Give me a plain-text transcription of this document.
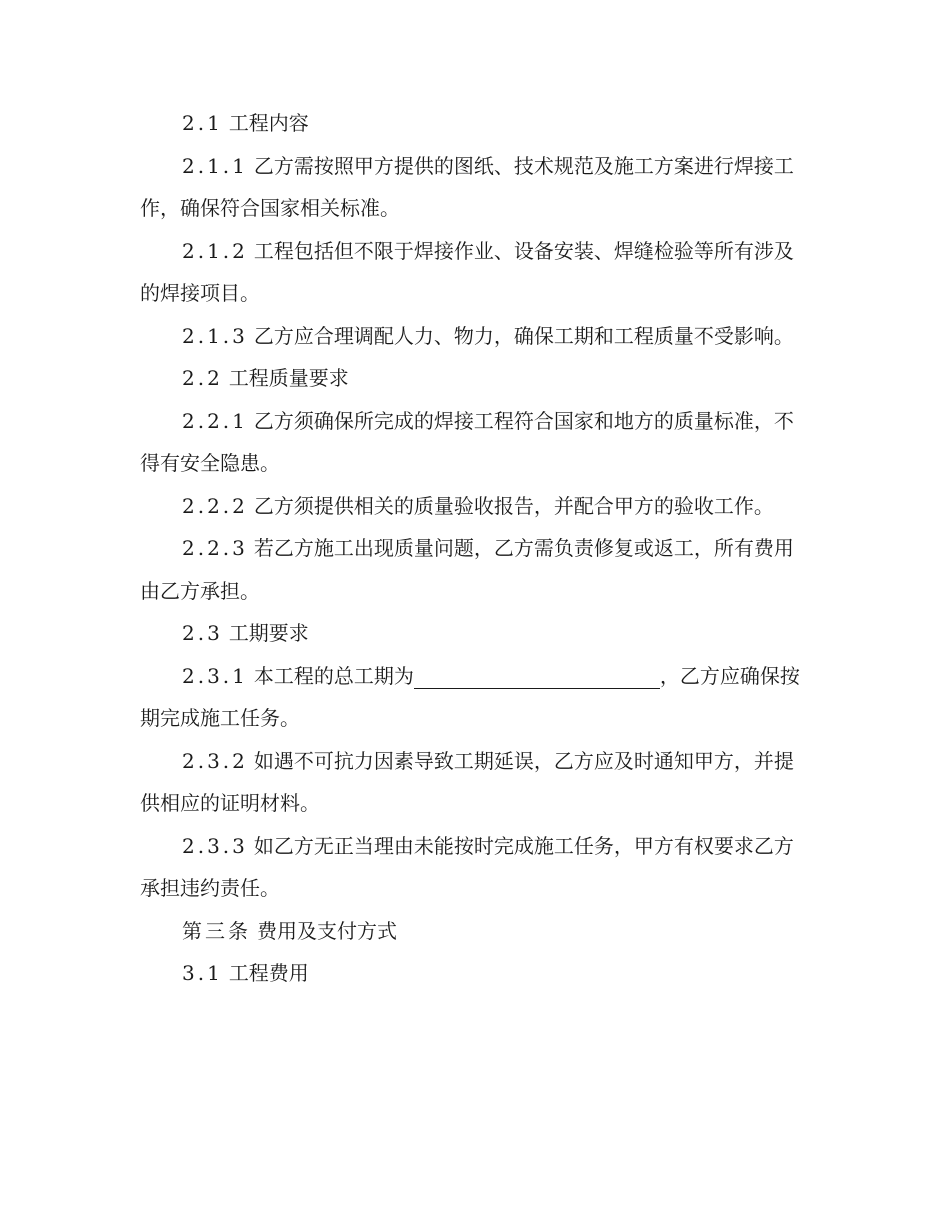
2.1 工程内容

2.1.1 乙方需按照甲方提供的图纸、技术规范及施工方案进行焊接工作，确保符合国家相关标准。

2.1.2 工程包括但不限于焊接作业、设备安装、焊缝检验等所有涉及的焊接项目。

2.1.3 乙方应合理调配人力、物力，确保工期和工程质量不受影响。

2.2 工程质量要求

2.2.1 乙方须确保所完成的焊接工程符合国家和地方的质量标准，不得有安全隐患。

2.2.2 乙方须提供相关的质量验收报告，并配合甲方的验收工作。

2.2.3 若乙方施工出现质量问题，乙方需负责修复或返工，所有费用由乙方承担。

2.3 工期要求

2.3.1 本工程的总工期为	，乙方应确保按期完成施工任务。

2.3.2 如遇不可抗力因素导致工期延误，乙方应及时通知甲方，并提供相应的证明材料。

2.3.3 如乙方无正当理由未能按时完成施工任务，甲方有权要求乙方承担违约责任。

第三条 费用及支付方式

3.1 工程费用
